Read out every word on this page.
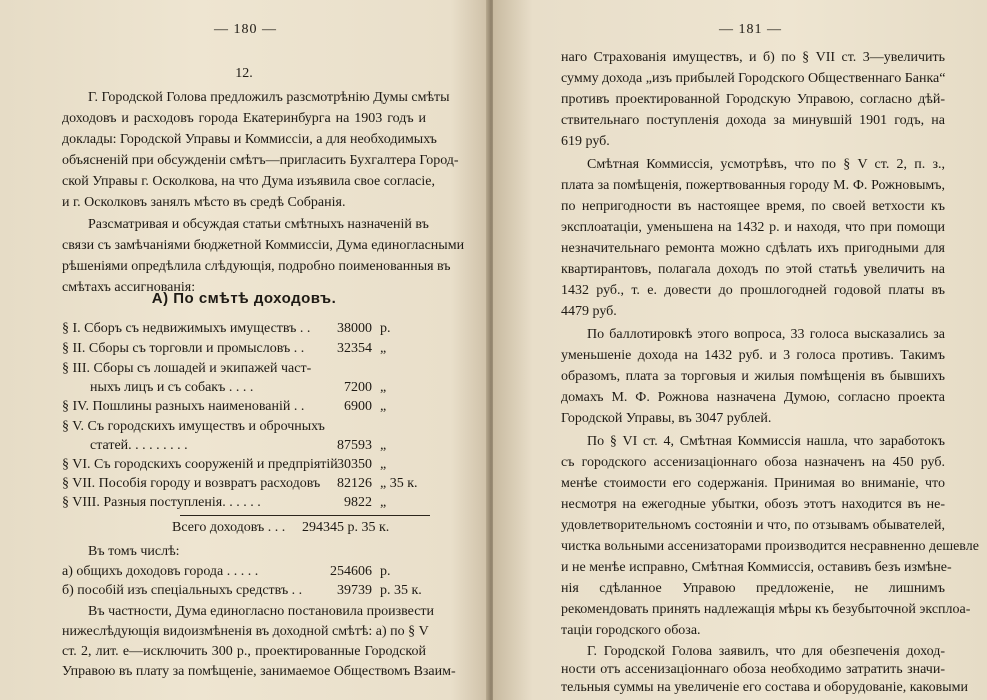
— 180 —
12.
Г. Городской Голова предложилъ разсмотрѣнію Думы смѣты
доходовъ и расходовъ города Екатеринбурга на 1903 годъ и
доклады: Городской Управы и Коммиссіи, а для необходимыхъ
объясненій при обсужденіи смѣтъ—пригласить Бухгалтера Город-
ской Управы г. Осколкова, на что Дума изъявила свое согласіе,
и г. Осколковъ занялъ мѣсто въ средѣ Собранія.
Разсматривая и обсуждая статьи смѣтныхъ назначеній въ
связи съ замѣчаніями бюджетной Коммиссіи, Дума единогласными
рѣшеніями опредѣлила слѣдующія, подробно поименованныя въ
смѣтахъ ассигнованія:
А) По смѣтѣ доходовъ.
§ I. Сборъ съ недвижимыхъ имуществъ . . 38000 р.
§ II. Сборы съ торговли и промысловъ . . 32354 „
§ III. Сборы съ лошадей и экипажей част-
ныхъ лицъ и съ собакъ . . . .	7200 „
§ IV. Пошлины разныхъ наименованій . .	6900 „
§ V. Съ городскихъ имуществъ и оброчныхъ
статей. . . . . . . . .	87593 „
§ VI. Съ городскихъ сооруженій и предпріятій 30350 „
§ VII. Пособія городу и возвратъ расходовъ 82126 „ 35 к.
§ VIII. Разныя поступленія. . . . . .	9822 „
Всего доходовъ . . . 294345 р. 35 к.
Въ томъ числѣ:
а) общихъ доходовъ города . . . . .	254606 р.
б) пособій изъ спеціальныхъ средствъ . . 39739 р. 35 к.
Въ частности, Дума единогласно постановила произвести
нижеслѣдующія видоизмѣненія въ доходной смѣтѣ: а) по § V
ст. 2, лит. е—исключить 300 р., проектированные Городской
Управою въ плату за помѣщеніе, занимаемое Обществомъ Взаим-
— 181 —
наго Страхованія имуществъ, и б) по § VII ст. 3—увеличить
сумму дохода „изъ прибылей Городского Общественнаго Банка“
противъ проектированной Городскую Управою, согласно дѣй-
ствительнаго поступленія дохода за минувшій 1901 годъ, на
619 руб.
Смѣтная Коммиссія, усмотрѣвъ, что по § V ст. 2, п. з.,
плата за помѣщенія, пожертвованныя городу М. Ф. Рожновымъ,
по непригодности въ настоящее время, по своей ветхости къ
эксплоатаціи, уменьшена на 1432 р. и находя, что при помощи
незначительнаго ремонта можно сдѣлать ихъ пригодными для
квартирантовъ, полагала доходъ по этой статьѣ увеличить на
1432 руб., т. е. довести до прошлогодней годовой платы въ
4479 руб.
По баллотировкѣ этого вопроса, 33 голоса высказались за
уменьшеніе дохода на 1432 руб. и 3 голоса противъ. Такимъ
образомъ, плата за торговыя и жилыя помѣщенія въ бывшихъ
домахъ М. Ф. Рожнова назначена Думою, согласно проекта
Городской Управы, въ 3047 рублей.
По § VI ст. 4, Смѣтная Коммиссія нашла, что заработокъ
съ городского ассенизаціоннаго обоза назначенъ на 450 руб.
менѣе стоимости его содержанія. Принимая во вниманіе, что
несмотря на ежегодные убытки, обозъ этотъ находится въ не-
удовлетворительномъ состояніи и что, по отзывамъ обывателей,
чистка вольными ассенизаторами производится несравненно дешевле
и не менѣе исправно, Смѣтная Коммиссія, оставивъ безъ измѣне-
нія сдѣланное Управою предложеніе, не лишнимъ
рекомендовать принять надлежащія мѣры къ безубыточной эксплоа-
таціи городского обоза.
Г. Городской Голова заявилъ, что для обезпеченія доход-
ности отъ ассенизаціоннаго обоза необходимо затратить значи-
тельныя суммы на увеличеніе его состава и оборудованіе, каковыми
